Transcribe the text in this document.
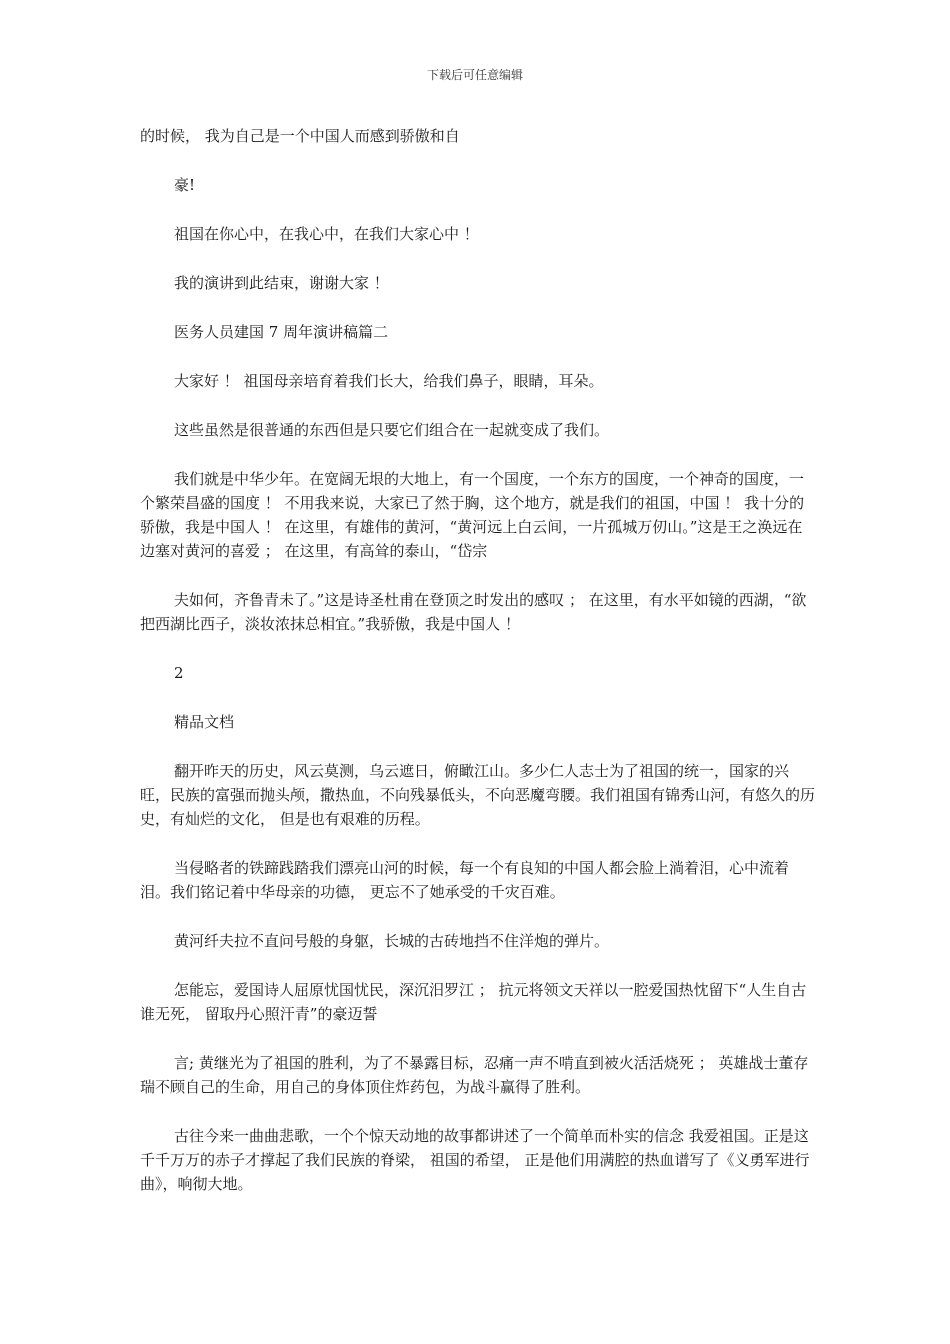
下载后可任意编辑

的时候， 我为自己是一个中国人而感到骄傲和自

豪!

祖国在你心中，在我心中，在我们大家心中 ！

我的演讲到此结束，谢谢大家 ！

医务人员建国 7 周年演讲稿篇二

大家好 ！ 祖国母亲培育着我们长大，给我们鼻子，眼睛，耳朵。

这些虽然是很普通的东西但是只要它们组合在一起就变成了我们。

我们就是中华少年。在宽阔无垠的大地上，有一个国度，一个东方的国度，一个神奇的国度，一个繁荣昌盛的国度 ！ 不用我来说，大家已了然于胸，这个地方，就是我们的祖国，中国 ！ 我十分的骄傲，我是中国人 ！ 在这里，有雄伟的黄河，“黄河远上白云间，一片孤城万仞山。”这是王之涣远在边塞对黄河的喜爱 ； 在这里，有高耸的泰山，“岱宗

夫如何，齐鲁青未了。”这是诗圣杜甫在登顶之时发出的感叹 ； 在这里，有水平如镜的西湖，“欲把西湖比西子，淡妆浓抹总相宜。”我骄傲，我是中国人 ！

2

精品文档

翻开昨天的历史，风云莫测，乌云遮日，俯瞰江山。多少仁人志士为了祖国的统一，国家的兴旺，民族的富强而抛头颅，撒热血，不向残暴低头，不向恶魔弯腰。我们祖国有锦秀山河，有悠久的历史，有灿烂的文化， 但是也有艰难的历程。

当侵略者的铁蹄践踏我们漂亮山河的时候，每一个有良知的中国人都会脸上淌着泪，心中流着泪。我们铭记着中华母亲的功德， 更忘不了她承受的千灾百难。

黄河纤夫拉不直问号般的身躯，长城的古砖地挡不住洋炮的弹片。

怎能忘，爱国诗人屈原忧国忧民，深沉汨罗江 ； 抗元将领文天祥以一腔爱国热忱留下“人生自古谁无死， 留取丹心照汗青”的豪迈誓

言; 黄继光为了祖国的胜利，为了不暴露目标，忍痛一声不啃直到被火活活烧死 ； 英雄战士董存瑞不顾自己的生命，用自己的身体顶住炸药包，为战斗赢得了胜利。

古往今来一曲曲悲歌，一个个惊天动地的故事都讲述了一个简单而朴实的信念 我爱祖国。正是这千千万万的赤子才撑起了我们民族的脊梁， 祖国的希望， 正是他们用满腔的热血谱写了《义勇军进行曲》，响彻大地。
